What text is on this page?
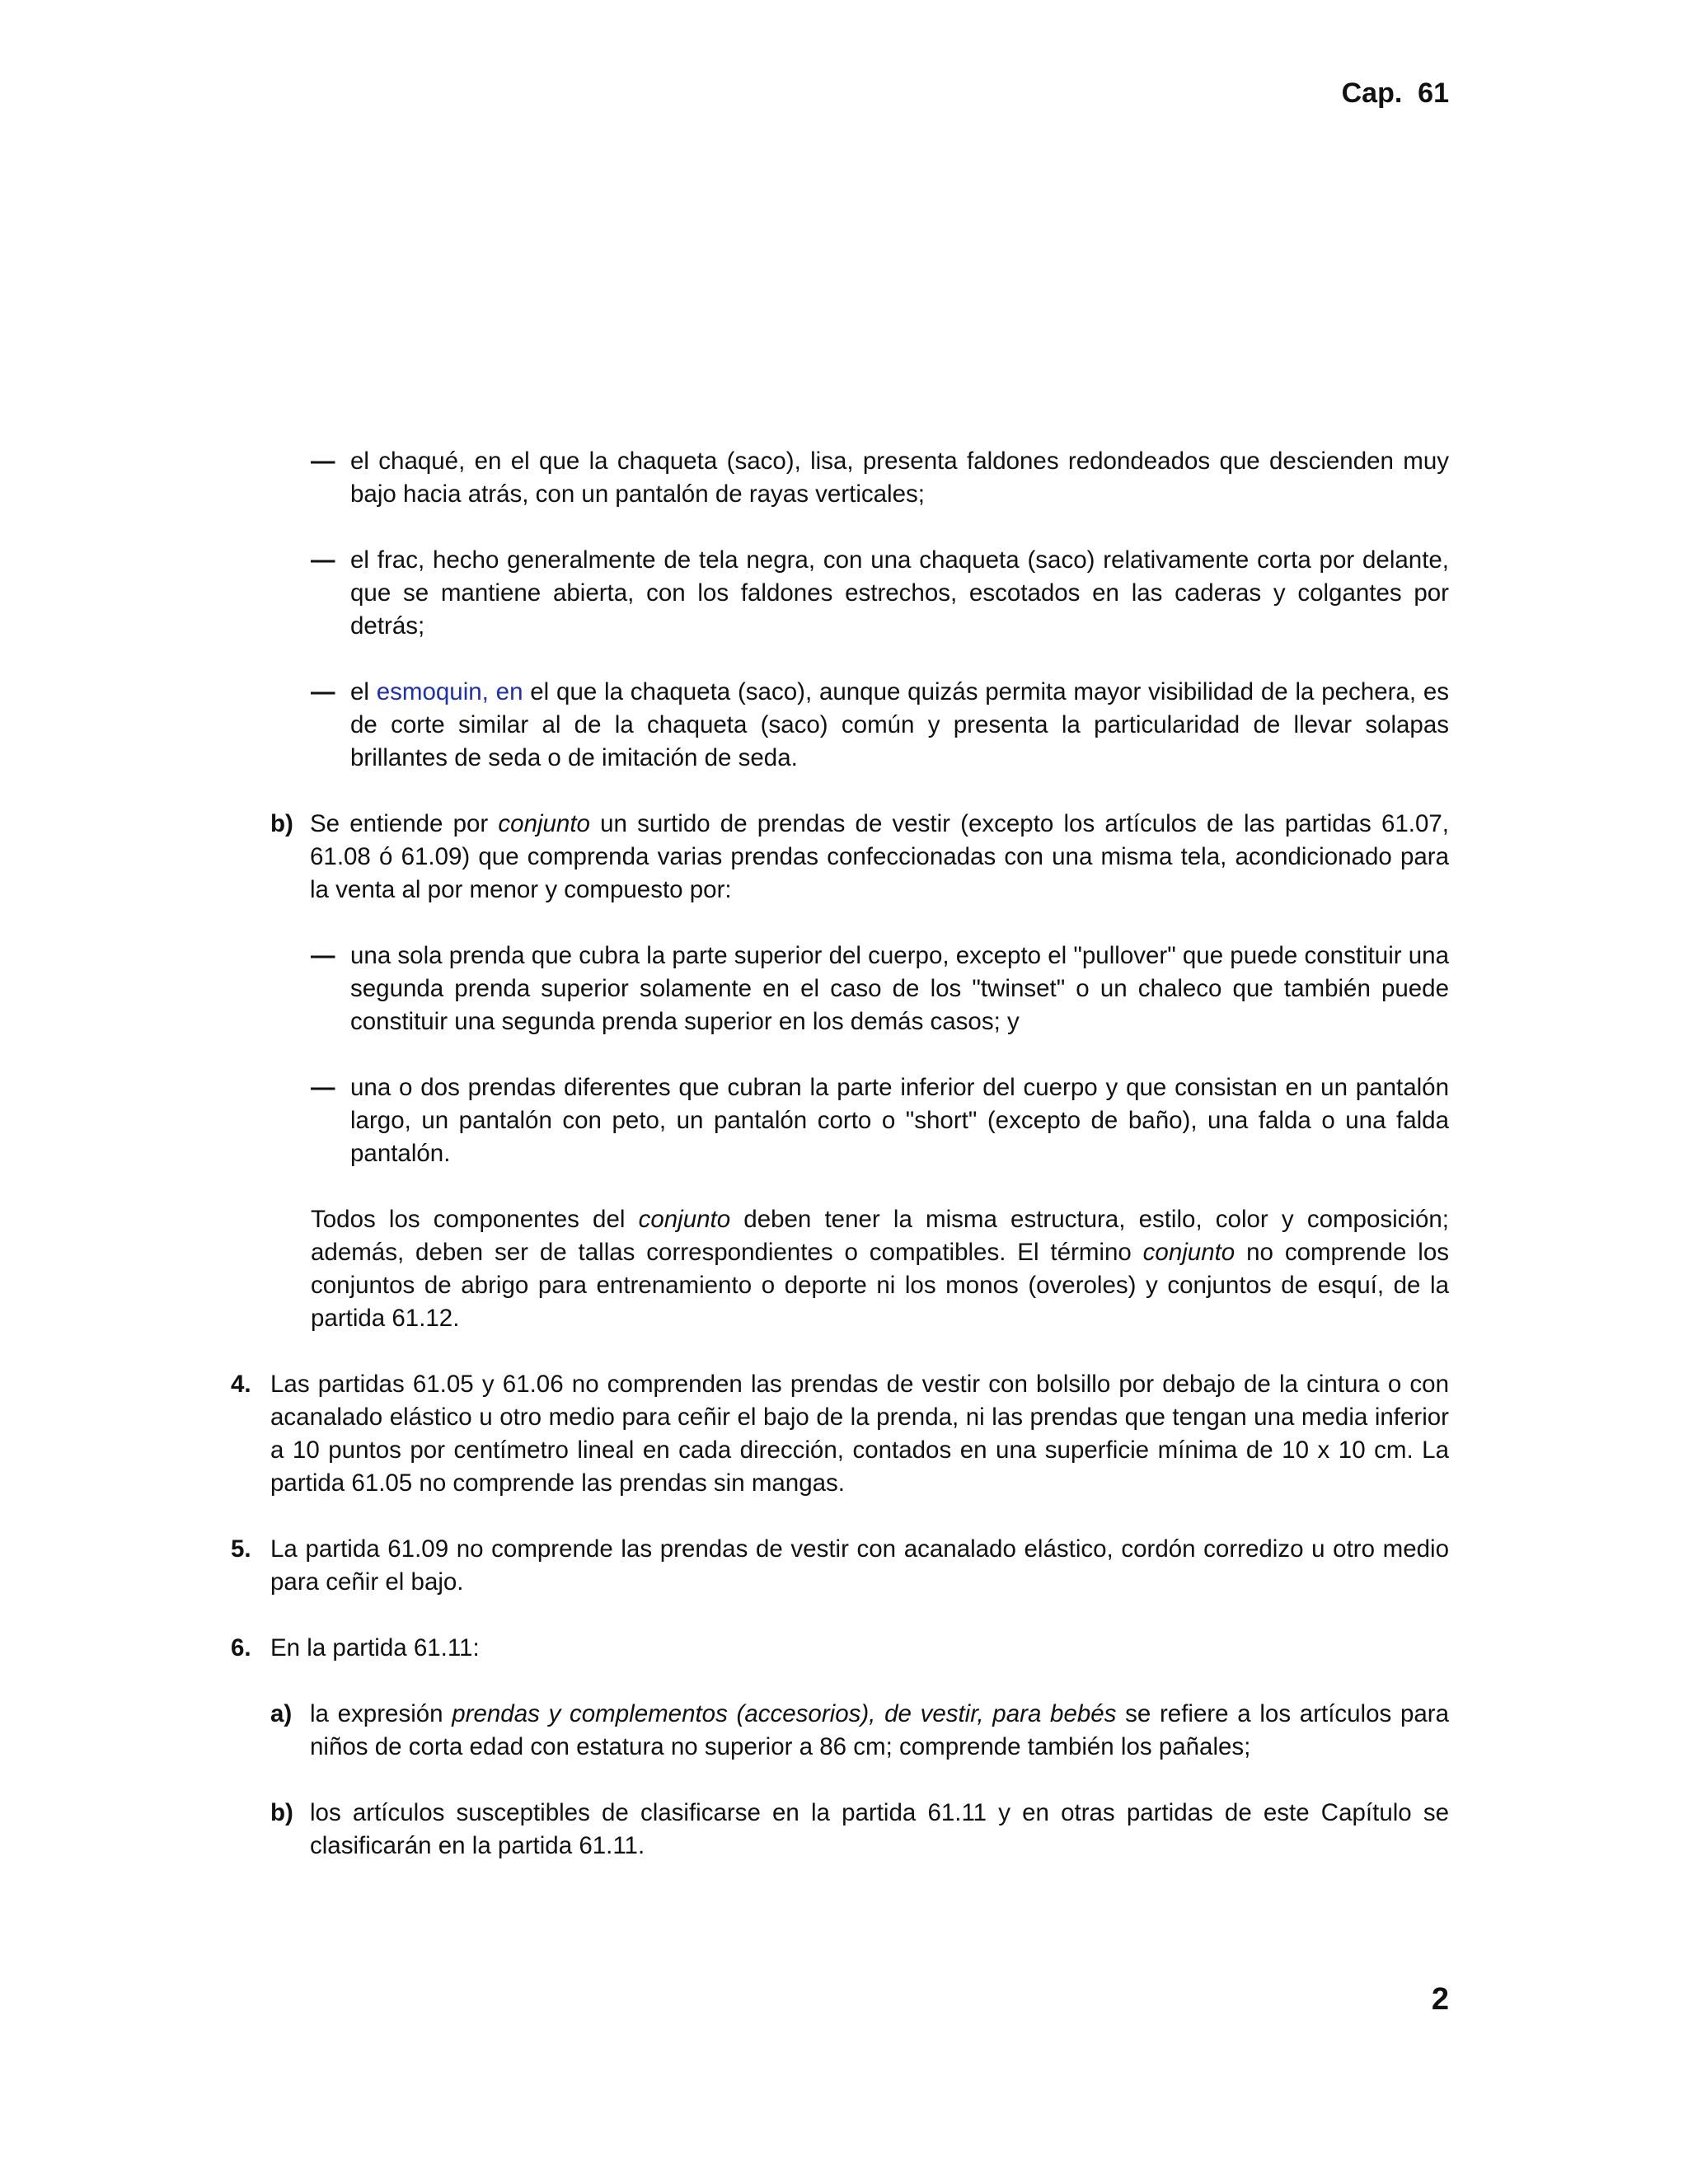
Cap.  61
— el chaqué, en el que la chaqueta (saco), lisa, presenta faldones redondeados que descienden muy bajo hacia atrás, con un pantalón de rayas verticales;
— el frac, hecho generalmente de tela negra, con una chaqueta (saco) relativamente corta por delante, que se mantiene abierta, con los faldones estrechos, escotados en las caderas y colgantes por detrás;
— el esmoquin, en el que la chaqueta (saco), aunque quizás permita mayor visibilidad de la pechera, es de corte similar al de la chaqueta (saco) común y presenta la particularidad de llevar solapas brillantes de seda o de imitación de seda.
b) Se entiende por conjunto un surtido de prendas de vestir (excepto los artículos de las partidas 61.07, 61.08 ó 61.09) que comprenda varias prendas confeccionadas con una misma tela, acondicionado para la venta al por menor y compuesto por:
— una sola prenda que cubra la parte superior del cuerpo, excepto el "pullover" que puede constituir una segunda prenda superior solamente en el caso de los "twinset" o un chaleco que también puede constituir una segunda prenda superior en los demás casos; y
— una o dos prendas diferentes que cubran la parte inferior del cuerpo y que consistan en un pantalón largo, un pantalón con peto, un pantalón corto o "short" (excepto de baño), una falda o una falda pantalón.
Todos los componentes del conjunto deben tener la misma estructura, estilo, color y composición; además, deben ser de tallas correspondientes o compatibles. El término conjunto no comprende los conjuntos de abrigo para entrenamiento o deporte ni los monos (overoles) y conjuntos de esquí, de la partida 61.12.
4. Las partidas 61.05 y 61.06 no comprenden las prendas de vestir con bolsillo por debajo de la cintura o con acanalado elástico u otro medio para ceñir el bajo de la prenda, ni las prendas que tengan una media inferior a 10 puntos por centímetro lineal en cada dirección, contados en una superficie mínima de 10 x 10 cm. La partida 61.05 no comprende las prendas sin mangas.
5. La partida 61.09 no comprende las prendas de vestir con acanalado elástico, cordón corredizo u otro medio para ceñir el bajo.
6. En la partida 61.11:
a) la expresión prendas y complementos (accesorios), de vestir, para bebés se refiere a los artículos para niños de corta edad con estatura no superior a 86 cm; comprende también los pañales;
b) los artículos susceptibles de clasificarse en la partida 61.11 y en otras partidas de este Capítulo se clasificarán en la partida 61.11.
2
